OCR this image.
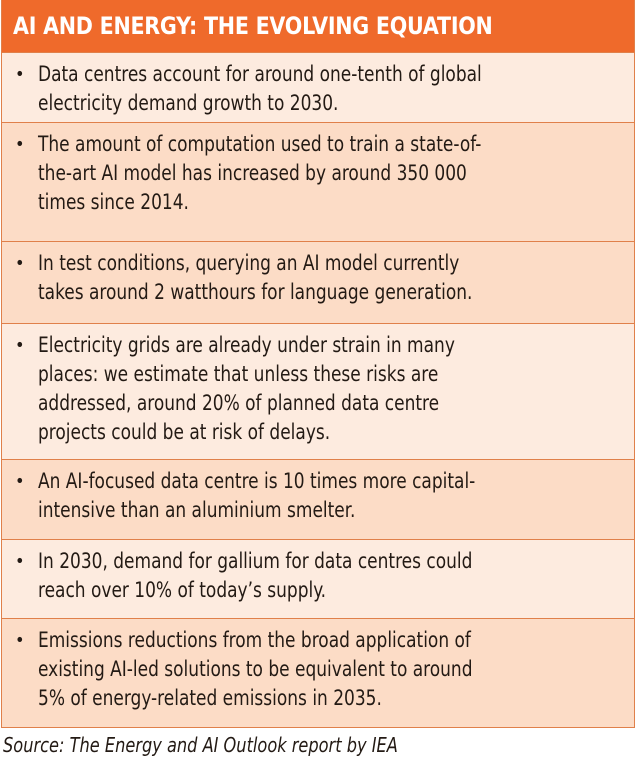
AI AND ENERGY: THE EVOLVING EQUATION
• Data centres account for around one-tenth of global
electricity demand growth to 2030.
• The amount of computation used to train a state-of-
the-art AI model has increased by around 350 000
times since 2014.
• In test conditions, querying an AI model currently
takes around 2 watthours for language generation.
• Electricity grids are already under strain in many
places: we estimate that unless these risks are
addressed, around 20% of planned data centre
projects could be at risk of delays.
• An AI-focused data centre is 10 times more capital-
intensive than an aluminium smelter.
• In 2030, demand for gallium for data centres could
reach over 10% of today’s supply.
• Emissions reductions from the broad application of
existing AI-led solutions to be equivalent to around
5% of energy-related emissions in 2035.
Source: The Energy and AI Outlook report by IEA
